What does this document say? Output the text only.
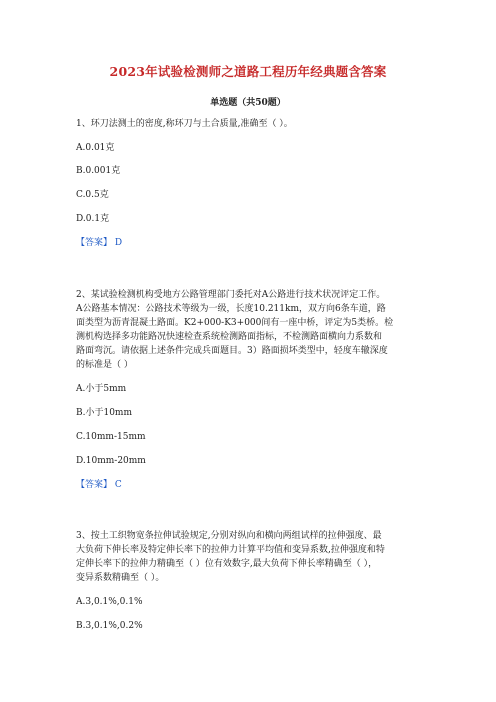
2023年试验检测师之道路工程历年经典题含答案
单选题（共50题）
1、环刀法测土的密度,称环刀与土合质量,准确至（ ）。
A.0.01克
B.0.001克
C.0.5克
D.0.1克
【答案】 D
2、某试验检测机构受地方公路管理部门委托对A公路进行技术状况评定工作。
A公路基本情况：公路技术等级为一级，长度10.211km，双方向6条车道，路
面类型为沥青混凝土路面。K2+000-K3+000间有一座中桥，评定为5类桥。检
测机构选择多功能路况快速检查系统检测路面指标，不检测路面横向力系数和
路面弯沉。请依据上述条件完成兵面题目。3）路面损坏类型中，轻度车辙深度
的标准是（ ）
A.小于5mm
B.小于10mm
C.10mm-15mm
D.10mm-20mm
【答案】 C
3、按土工织物宽条拉伸试验规定,分别对纵向和横向两组试样的拉伸强度、最
大负荷下伸长率及特定伸长率下的拉伸力计算平均值和变异系数,拉伸强度和特
定伸长率下的拉伸力精确至（ ）位有效数字,最大负荷下伸长率精确至（ ），
变异系数精确至（ ）。
A.3,0.1%,0.1%
B.3,0.1%,0.2%
